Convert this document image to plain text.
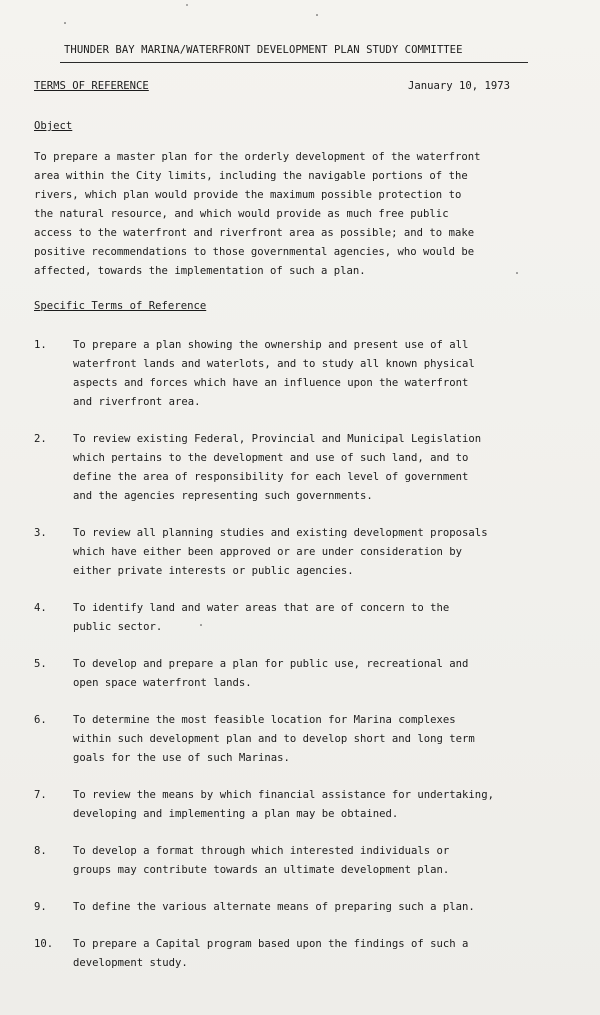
THUNDER BAY MARINA/WATERFRONT DEVELOPMENT PLAN STUDY COMMITTEE
TERMS OF REFERENCE	January 10, 1973
Object
To prepare a master plan for the orderly development of the waterfront
area within the City limits, including the navigable portions of the
rivers, which plan would provide the maximum possible protection to
the natural resource, and which would provide as much free public
access to the waterfront and riverfront area as possible; and to make
positive recommendations to those governmental agencies, who would be
affected, towards the implementation of such a plan.
Specific Terms of Reference
1. To prepare a plan showing the ownership and present use of all
waterfront lands and waterlots, and to study all known physical
aspects and forces which have an influence upon the waterfront
and riverfront area.
2. To review existing Federal, Provincial and Municipal Legislation
which pertains to the development and use of such land, and to
define the area of responsibility for each level of government
and the agencies representing such governments.
3. To review all planning studies and existing development proposals
which have either been approved or are under consideration by
either private interests or public agencies.
4. To identify land and water areas that are of concern to the
public sector.
5. To develop and prepare a plan for public use, recreational and
open space waterfront lands.
6. To determine the most feasible location for Marina complexes
within such development plan and to develop short and long term
goals for the use of such Marinas.
7. To review the means by which financial assistance for undertaking,
developing and implementing a plan may be obtained.
8. To develop a format through which interested individuals or
groups may contribute towards an ultimate development plan.
9. To define the various alternate means of preparing such a plan.
10. To prepare a Capital program based upon the findings of such a
development study.
